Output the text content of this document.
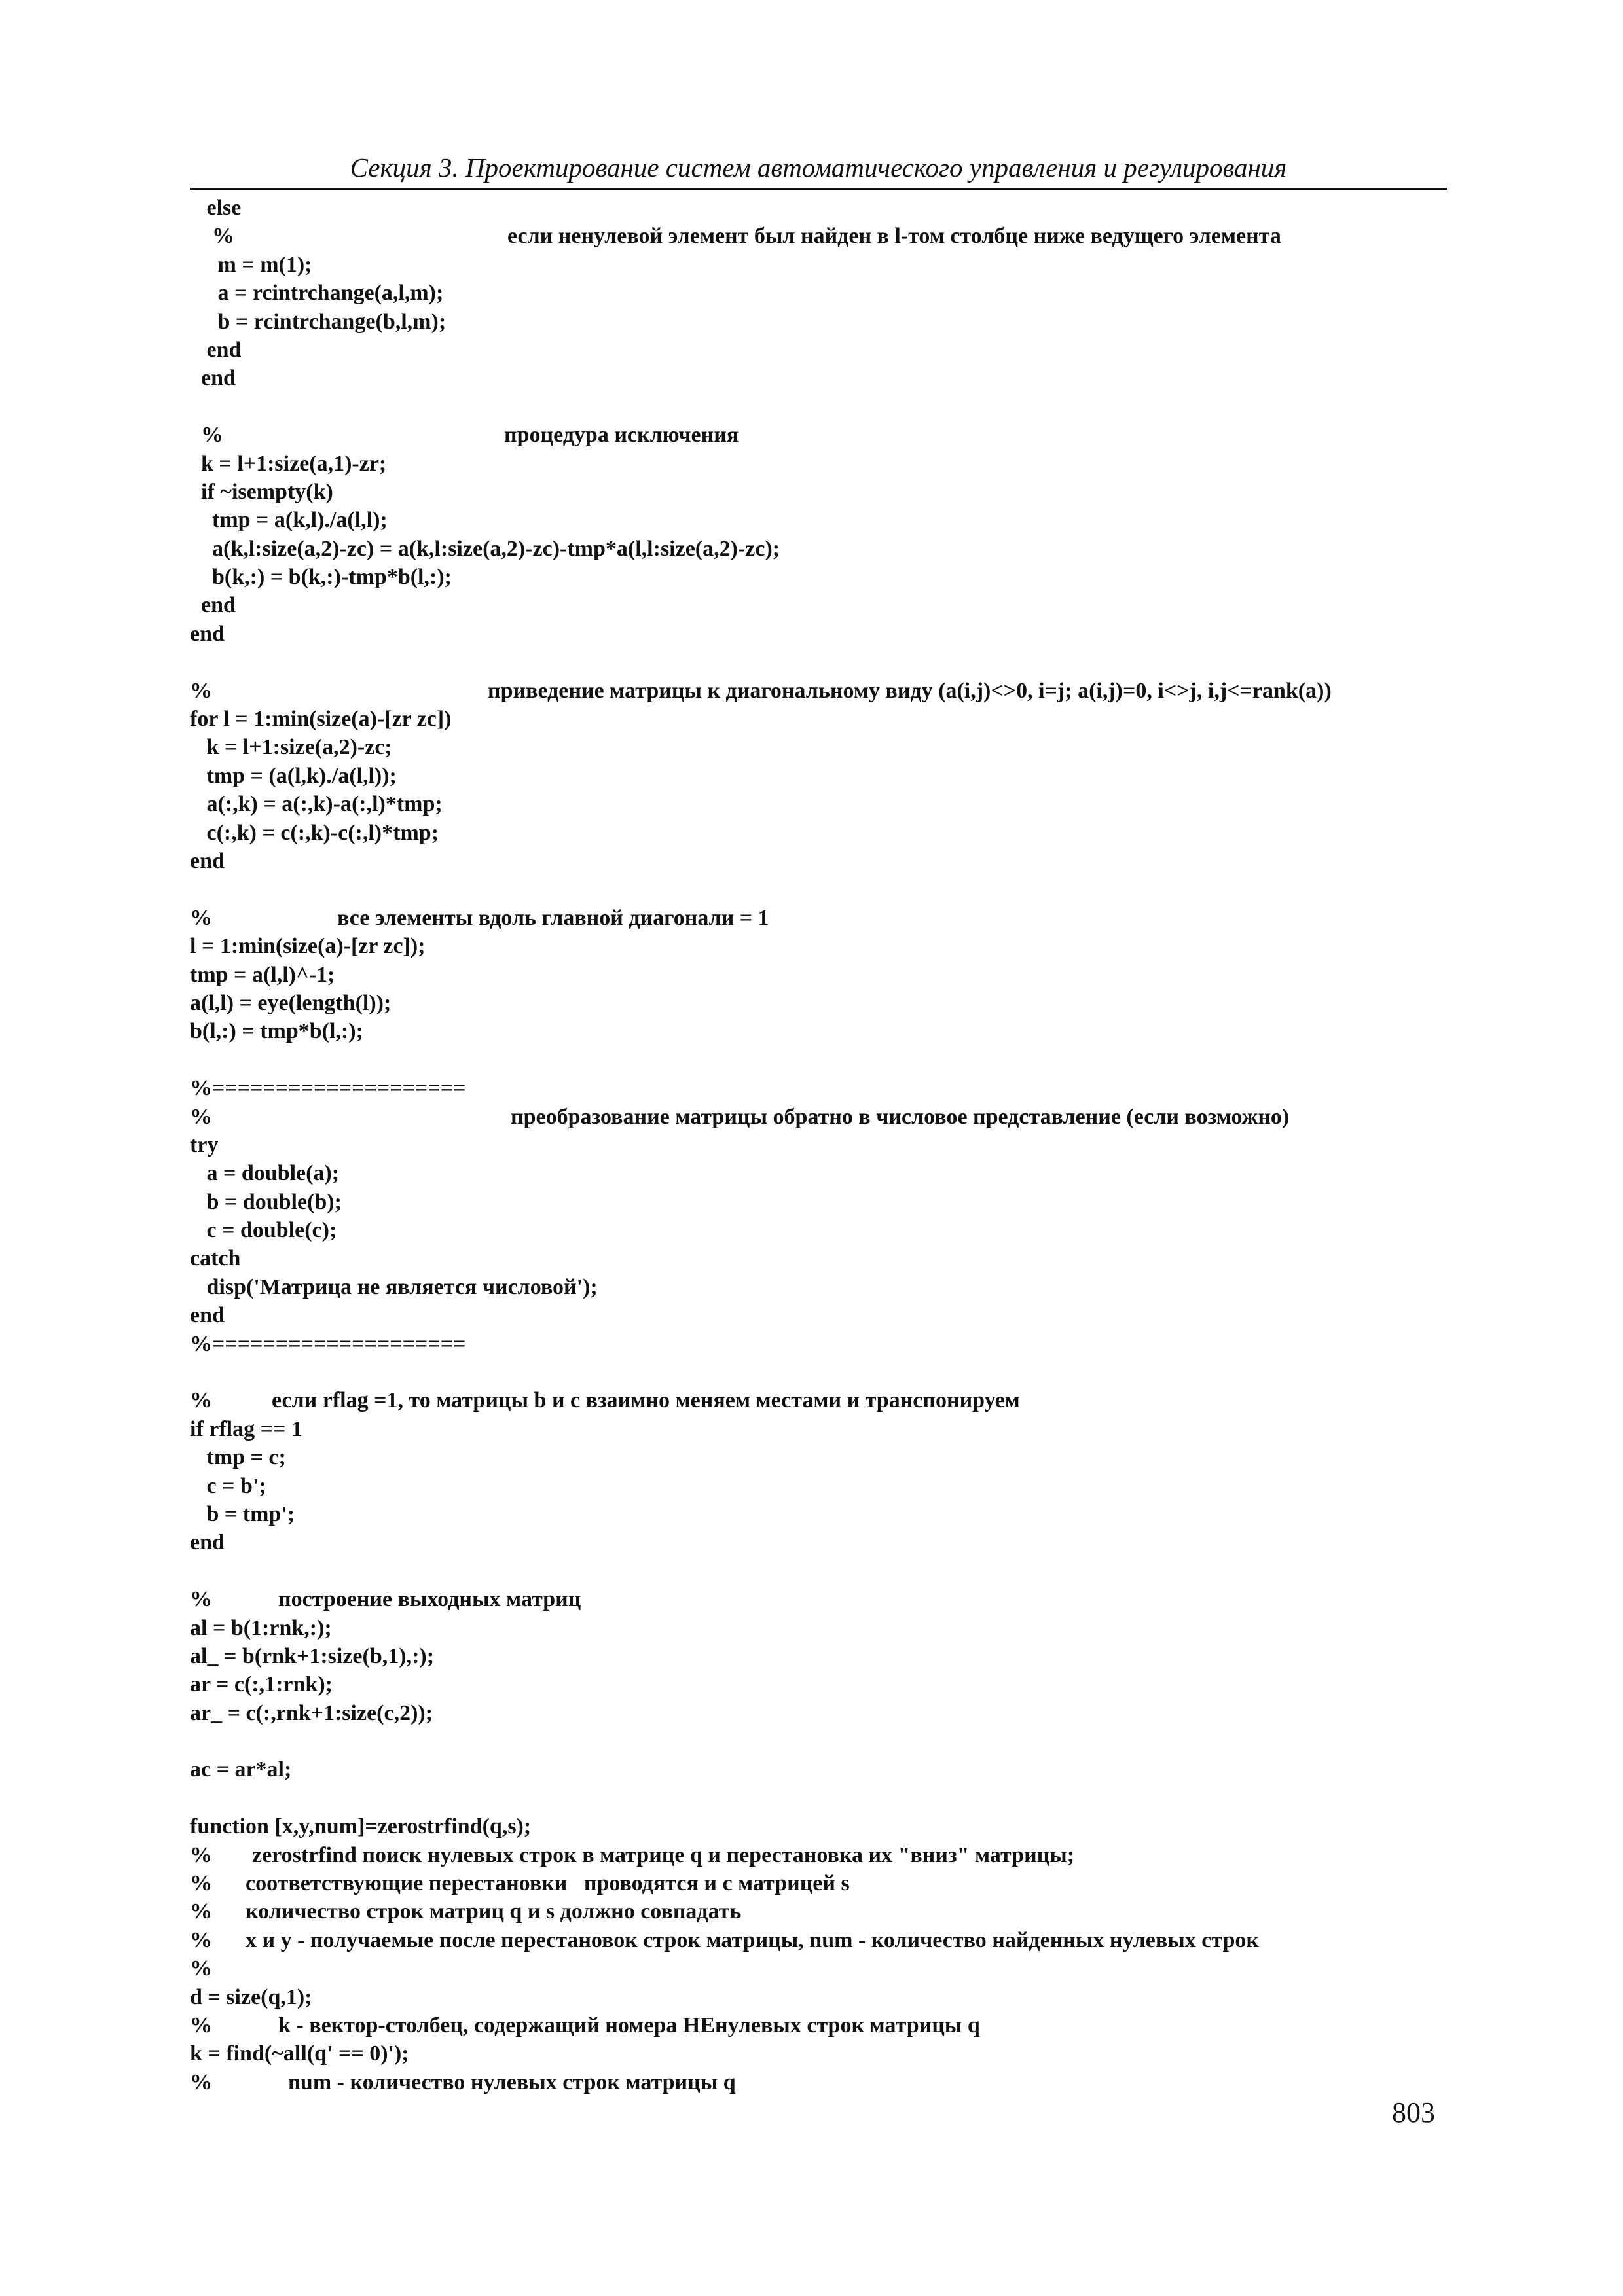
Секция 3. Проектирование систем автоматического управления и регулирования
else
%	если ненулевой элемент был найден в l-том столбце ниже ведущего элемента
m = m(1);
a = rcintrchange(a,l,m);
b = rcintrchange(b,l,m);
end
end
%	процедура исключения
k = l+1:size(a,1)-zr;
if ~isempty(k)
tmp = a(k,l)./a(l,l);
a(k,l:size(a,2)-zc) = a(k,l:size(a,2)-zc)-tmp*a(l,l:size(a,2)-zc);
b(k,:) = b(k,:)-tmp*b(l,:);
end
end
%	приведение матрицы к диагональному виду (a(i,j)<>0, i=j; a(i,j)=0, i<>j, i,j<=rank(a))
for l = 1:min(size(a)-[zr zc])
k = l+1:size(a,2)-zc;
tmp = (a(l,k)./a(l,l));
a(:,k) = a(:,k)-a(:,l)*tmp;
c(:,k) = c(:,k)-c(:,l)*tmp;
end
%	все элементы вдоль главной диагонали = 1
l = 1:min(size(a)-[zr zc]);
tmp = a(l,l)^-1;
a(l,l) = eye(length(l));
b(l,:) = tmp*b(l,:);
%====================
%	преобразование матрицы обратно в числовое представление (если возможно)
try
a = double(a);
b = double(b);
c = double(c);
catch
disp('Матрица не является числовой');
end
%====================
%	если rflag =1, то матрицы b и c взаимно меняем местами и транспонируем
if rflag == 1
tmp = c;
c = b';
b = tmp';
end
%	построение выходных матриц
al = b(1:rnk,:);
al_ = b(rnk+1:size(b,1),:);
ar = c(:,1:rnk);
ar_ = c(:,rnk+1:size(c,2));
ac = ar*al;
function [x,y,num]=zerostrfind(q,s);
% zerostrfind поиск нулевых строк в матрице q и перестановка их "вниз" матрицы;
% соответствующие перестановки   проводятся и с матрицей s
% количество строк матриц q и s должно совпадать
% x и y - получаемые после перестановок строк матрицы, num - количество найденных нулевых строк
%
d = size(q,1);
%	k - вектор-столбец, содержащий номера НЕнулевых строк матрицы q
k = find(~all(q' == 0)');
%	num - количество нулевых строк матрицы q
803
